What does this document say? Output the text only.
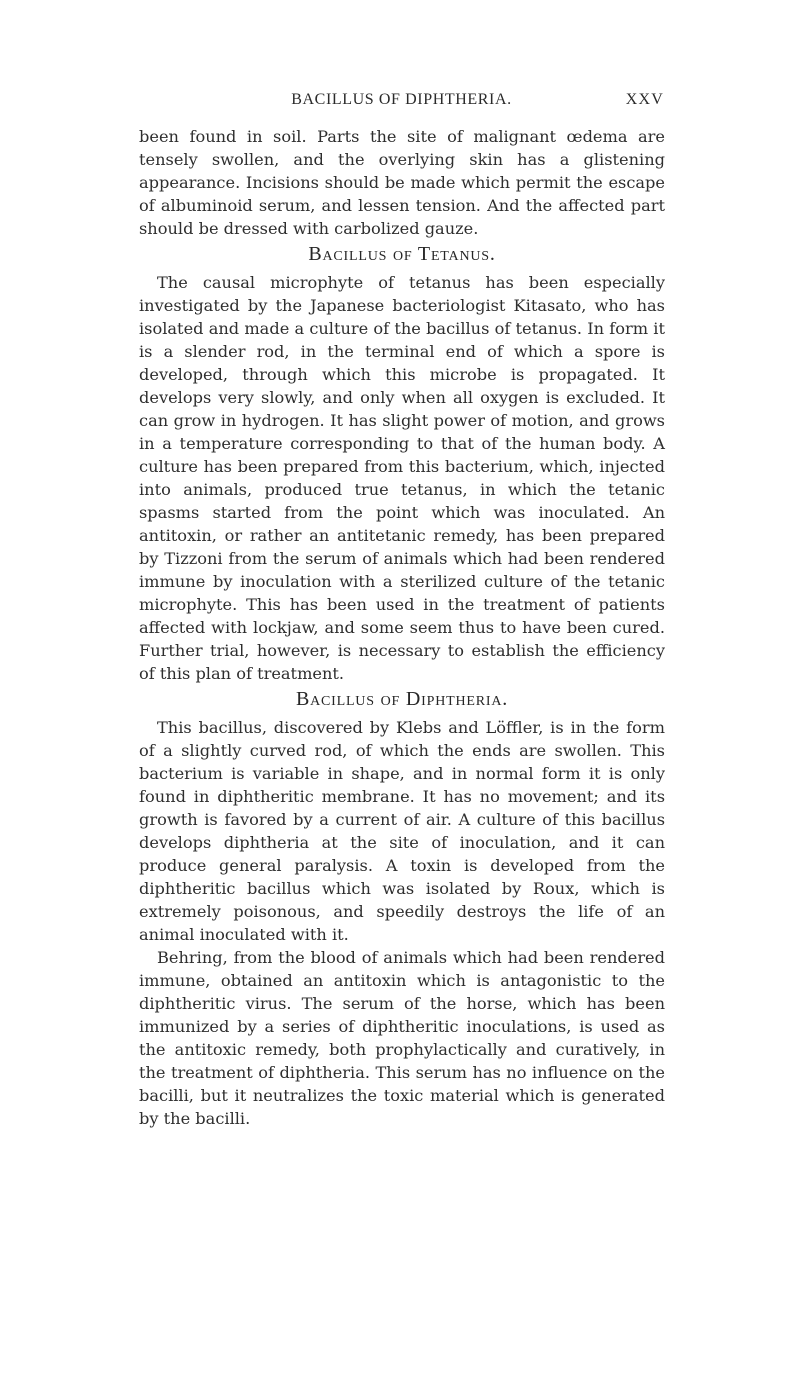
BACILLUS OF DIPHTHERIA.	XXV

been found in soil. Parts the site of malignant œdema are tensely swollen, and the overlying skin has a glistening appearance. Incisions should be made which permit the escape of albuminoid serum, and lessen tension. And the affected part should be dressed with carbolized gauze.

Bacillus of Tetanus.

The causal microphyte of tetanus has been especially investigated by the Japanese bacteriologist Kitasato, who has isolated and made a culture of the bacillus of tetanus. In form it is a slender rod, in the terminal end of which a spore is developed, through which this microbe is propagated. It develops very slowly, and only when all oxygen is excluded. It can grow in hydrogen. It has slight power of motion, and grows in a temperature corresponding to that of the human body. A culture has been prepared from this bacterium, which, injected into animals, produced true tetanus, in which the tetanic spasms started from the point which was inoculated. An antitoxin, or rather an antitetanic remedy, has been prepared by Tizzoni from the serum of animals which had been rendered immune by inoculation with a sterilized culture of the tetanic microphyte. This has been used in the treatment of patients affected with lockjaw, and some seem thus to have been cured. Further trial, however, is necessary to establish the efficiency of this plan of treatment.

Bacillus of Diphtheria.

This bacillus, discovered by Klebs and Löffler, is in the form of a slightly curved rod, of which the ends are swollen. This bacterium is variable in shape, and in normal form it is only found in diphtheritic membrane. It has no movement; and its growth is favored by a current of air. A culture of this bacillus develops diphtheria at the site of inoculation, and it can produce general paralysis. A toxin is developed from the diphtheritic bacillus which was isolated by Roux, which is extremely poisonous, and speedily destroys the life of an animal inoculated with it.

Behring, from the blood of animals which had been rendered immune, obtained an antitoxin which is antagonistic to the diphtheritic virus. The serum of the horse, which has been immunized by a series of diphtheritic inoculations, is used as the antitoxic remedy, both prophylactically and curatively, in the treatment of diphtheria. This serum has no influence on the bacilli, but it neutralizes the toxic material which is generated by the bacilli.
